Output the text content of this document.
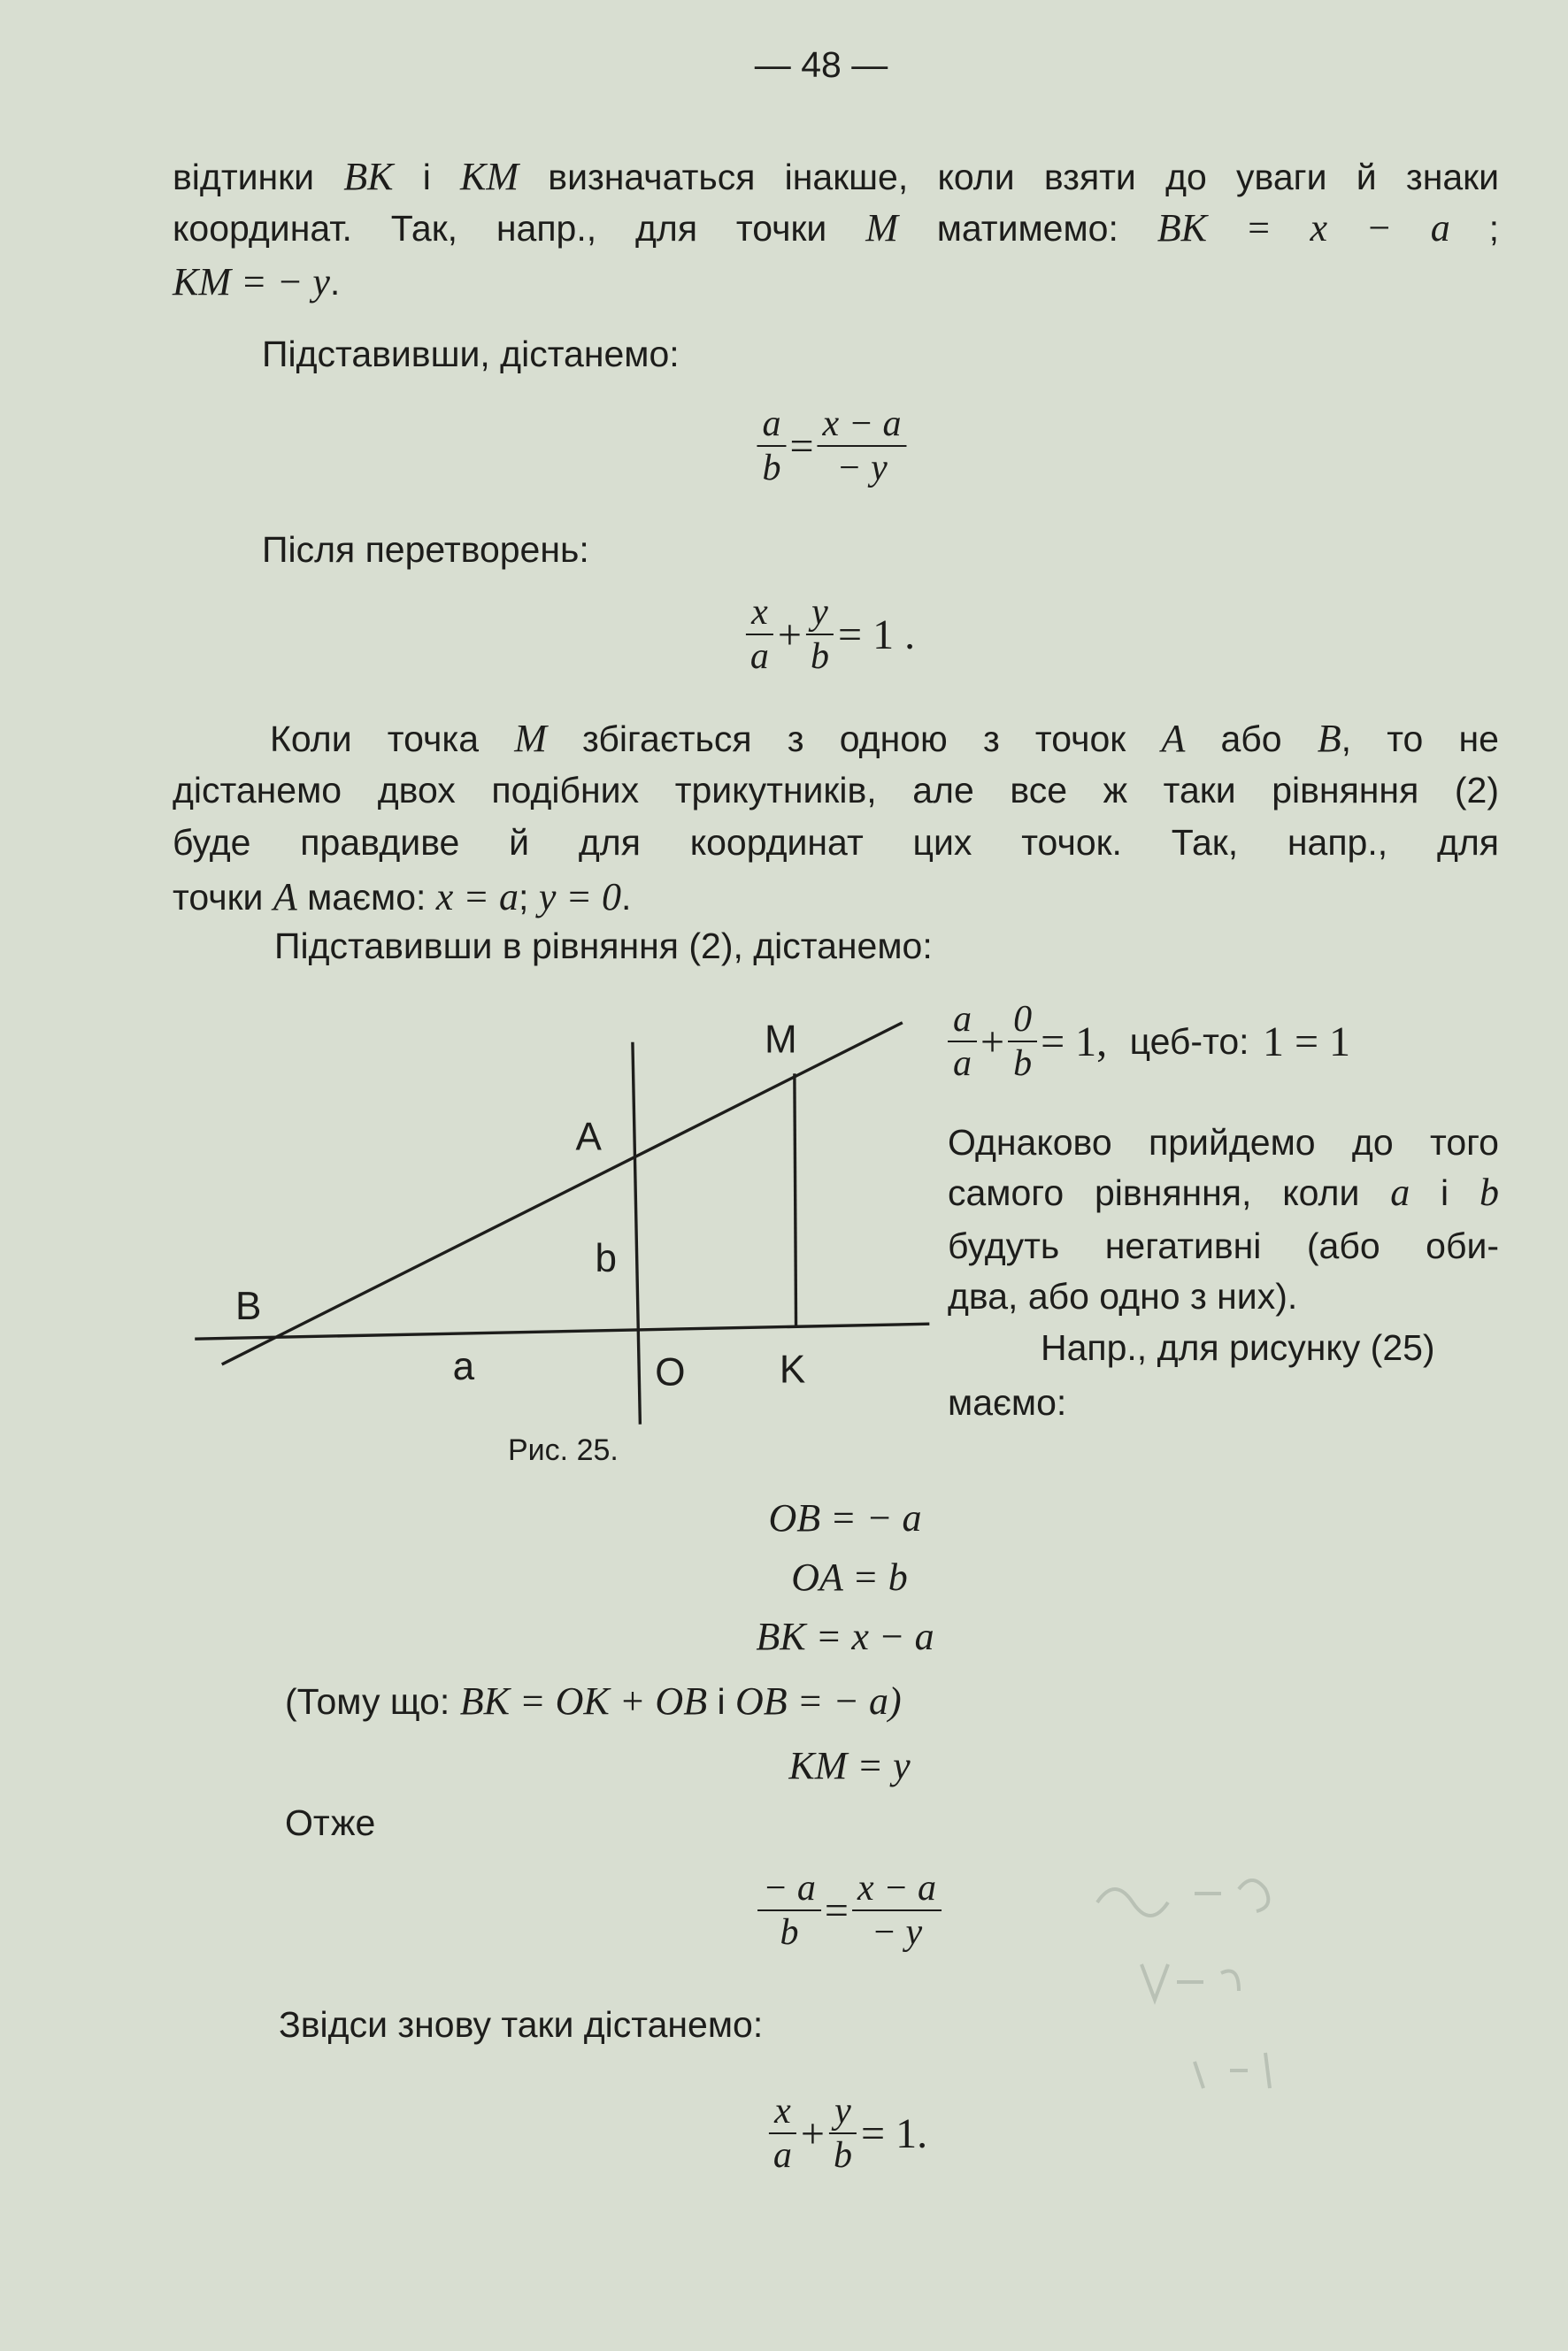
— 48 —
відтинки BK і KM визначаться інакше, коли взяти до уваги й знаки
координат. Так, напр., для точки M матимемо: BK = x − a ;
KM = − y.
Підставивши, дістанемо:
$\frac{a}{b} = \frac{x - a}{- y}$
Після перетворень:
$\frac{x}{a} + \frac{y}{b} = 1$ .
Коли точка M збігається з одною з точок A або B, то не
дістанемо двох подібних трикутників, але все ж таки рівняння (2)
буде правдиве й для координат цих точок. Так, напр., для
точки A маємо: x = a; y = 0.
Підставивши в рівняння (2), дістанемо:
M
A
b
B
a	O	K
Рис. 25.
$\frac{a}{a} + \frac{0}{b} = 1$, цеб-то: 1 = 1
Однаково прийдемо до того
самого рівняння, коли a і b
будуть негативні (або оби-
два, або одно з них).
Напр., для рисунку (25)
маємо:
OB = − a
OA = b
BK = x − a
(Тому що: BK = OK + OB і OB = − a)
KM = y
Отже
$\frac{- a}{b} = \frac{x - a}{- y}$
Звідси знову таки дістанемо:
$\frac{x}{a} + \frac{y}{b} = 1$.
